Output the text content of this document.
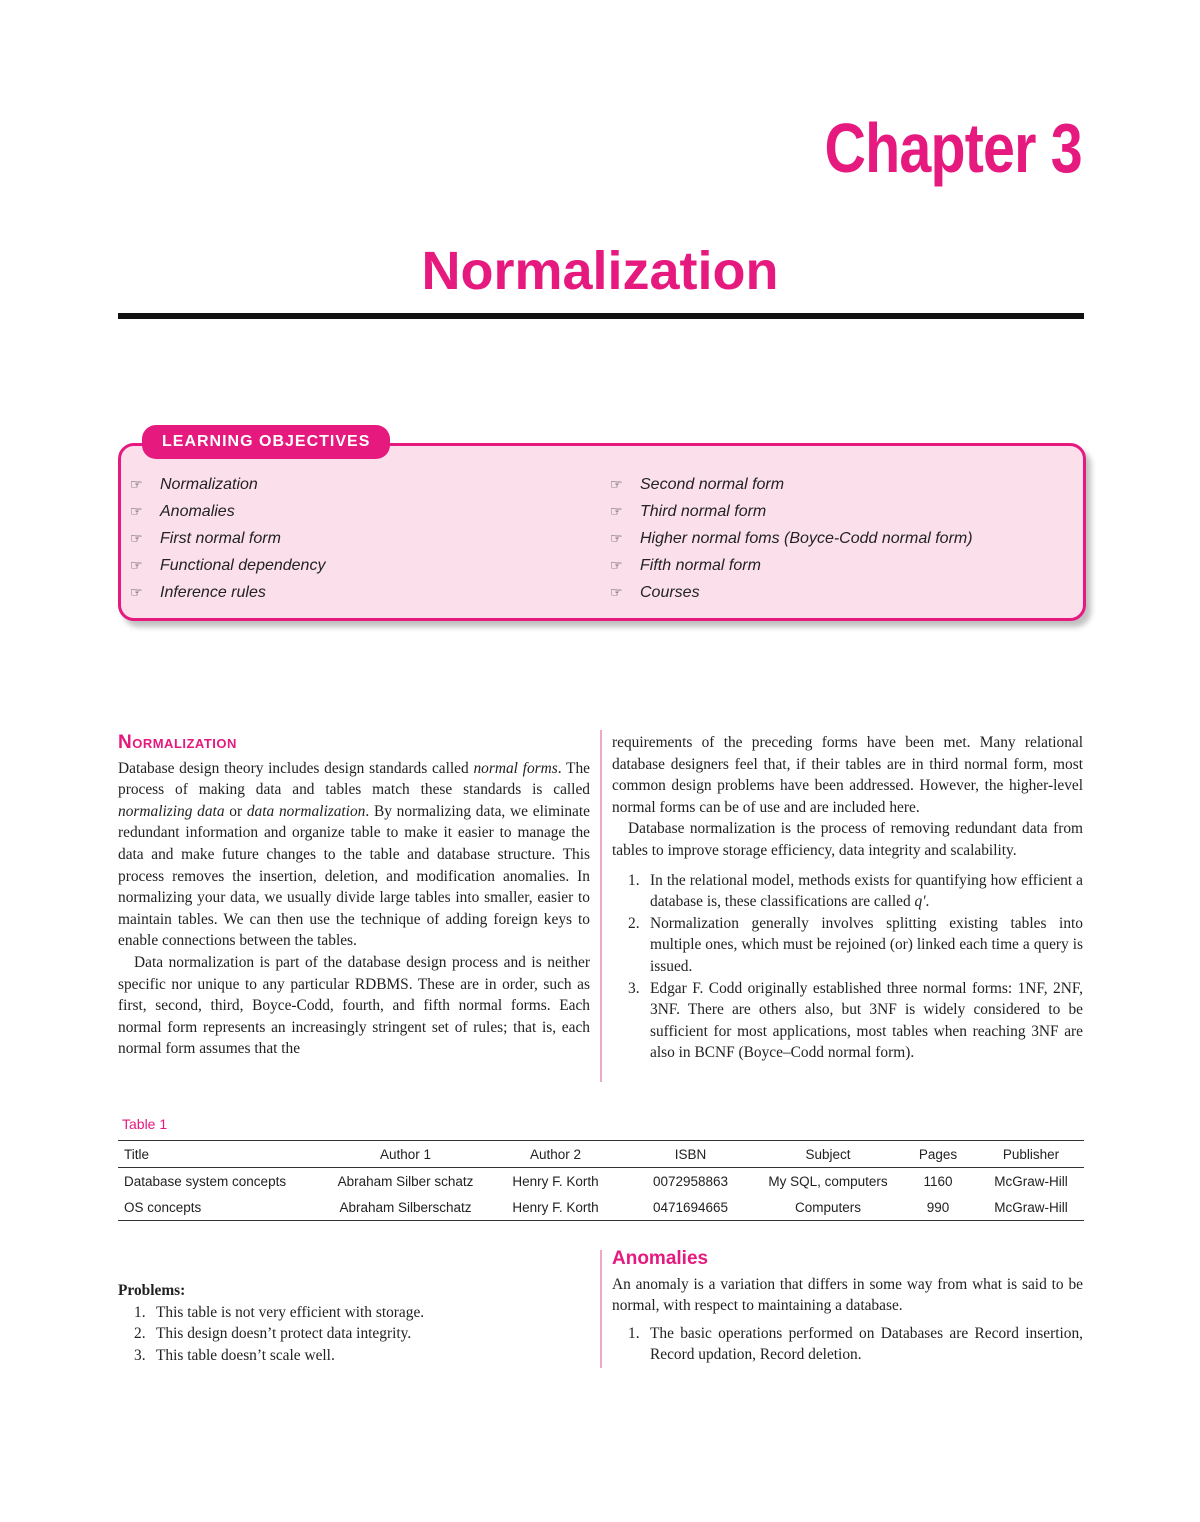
Chapter 3
Normalization
LEARNING OBJECTIVES
☞ Normalization
☞ Anomalies
☞ First normal form
☞ Functional dependency
☞ Inference rules
☞ Second normal form
☞ Third normal form
☞ Higher normal foms (Boyce-Codd normal form)
☞ Fifth normal form
☞ Courses
Normalization

Database design theory includes design standards called normal forms. The process of making data and tables match these standards is called normalizing data or data normalization. By normalizing data, we eliminate redundant information and organize table to make it easier to manage the data and make future changes to the table and database structure. This process removes the insertion, deletion, and modification anomalies. In normalizing your data, we usually divide large tables into smaller, easier to maintain tables. We can then use the technique of adding foreign keys to enable connections between the tables.

Data normalization is part of the database design process and is neither specific nor unique to any particular RDBMS. These are in order, such as first, second, third, Boyce-Codd, fourth, and fifth normal forms. Each normal form represents an increasingly stringent set of rules; that is, each normal form assumes that the

requirements of the preceding forms have been met. Many relational database designers feel that, if their tables are in third normal form, most common design problems have been addressed. However, the higher-level normal forms can be of use and are included here.

Database normalization is the process of removing redundant data from tables to improve storage efficiency, data integrity and scalability.

1. In the relational model, methods exists for quantifying how efficient a database is, these classifications are called q'.
2. Normalization generally involves splitting existing tables into multiple ones, which must be rejoined (or) linked each time a query is issued.
3. Edgar F. Codd originally established three normal forms: 1NF, 2NF, 3NF. There are others also, but 3NF is widely considered to be sufficient for most applications, most tables when reaching 3NF are also in BCNF (Boyce–Codd normal form).
Table 1
Title	Author 1	Author 2	ISBN	Subject	Pages	Publisher
Database system concepts	Abraham Silber schatz	Henry F. Korth	0072958863	My SQL, computers	1160	McGraw-Hill
OS concepts	Abraham Silberschatz	Henry F. Korth	0471694665	Computers	990	McGraw-Hill
Problems:
1. This table is not very efficient with storage.
2. This design doesn’t protect data integrity.
3. This table doesn’t scale well.
Anomalies

An anomaly is a variation that differs in some way from what is said to be normal, with respect to maintaining a database.

1. The basic operations performed on Databases are Record insertion, Record updation, Record deletion.
